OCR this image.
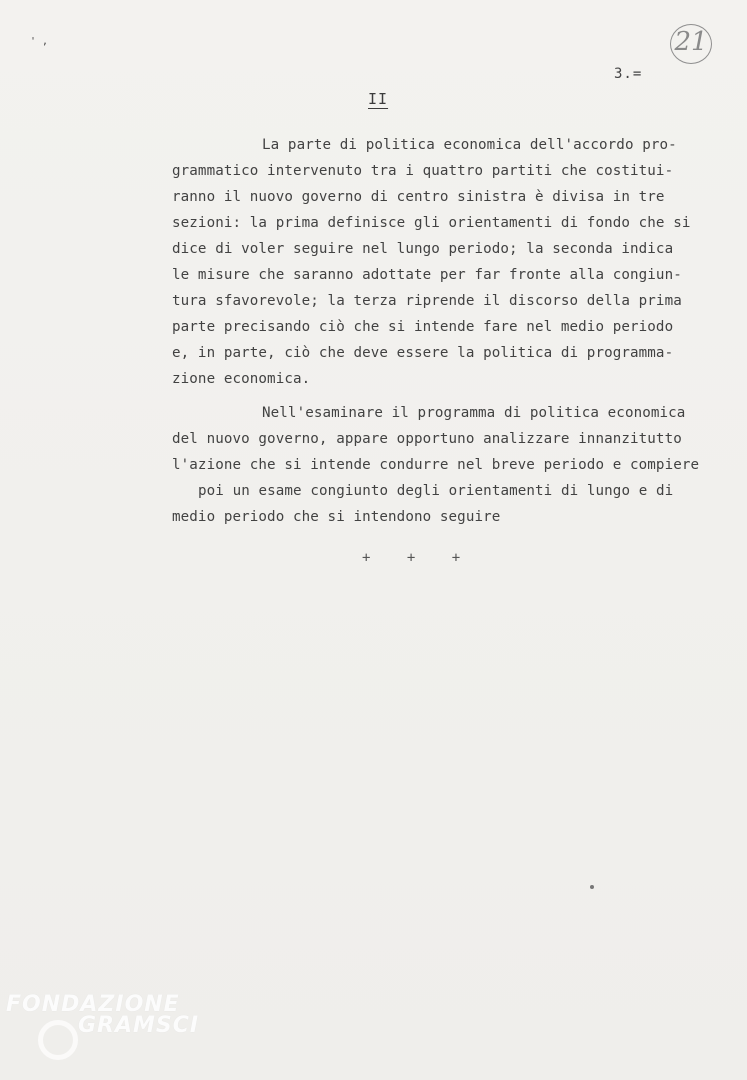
' ,	21
3.=
II
La parte di politica economica dell'accordo pro-
grammatico intervenuto tra i quattro partiti che costitui-
ranno il nuovo governo di centro sinistra è divisa in tre
sezioni: la prima definisce gli orientamenti di fondo che si
dice di voler seguire nel lungo periodo; la seconda indica
le misure che saranno adottate per far fronte alla congiun-
tura sfavorevole; la terza riprende il discorso della prima
parte precisando ciò che si intende fare nel medio periodo
e, in parte, ciò che deve essere la politica di programma-
zione economica.
Nell'esaminare il programma di politica economica
del nuovo governo, appare opportuno analizzare innanzitutto
l'azione che si intende condurre nel breve periodo e compiere
poi un esame congiunto degli orientamenti di lungo e di
medio periodo che si intendono seguire
+ + +
FONDAZIONE
GRAMSCI
